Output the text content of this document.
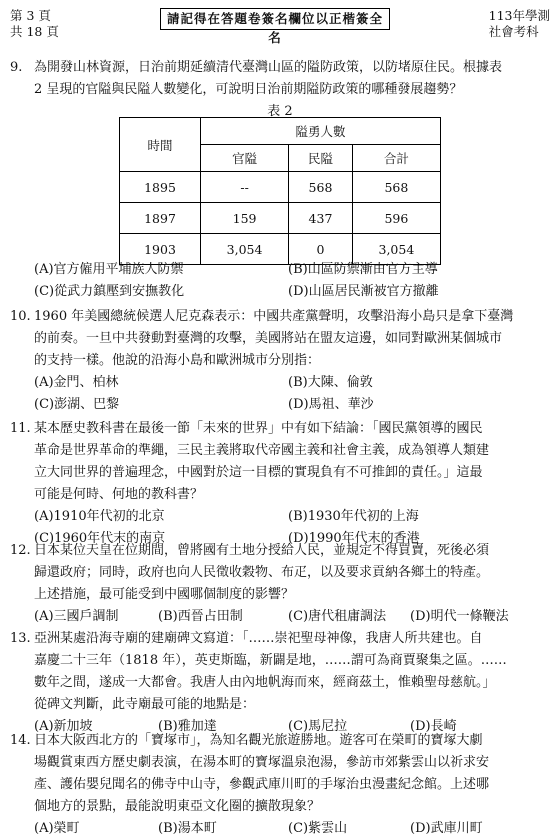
第 3 頁
共 18 頁
請記得在答題卷簽名欄位以正楷簽全名
113年學測
社會考科
9. 為開發山林資源，日治前期延續清代臺灣山區的隘防政策，以防堵原住民。根據表
2 呈現的官隘與民隘人數變化，可說明日治前期隘防政策的哪種發展趨勢？
表 2
時間	隘勇人數		
	官隘	民隘	合計
1895	--	568	568
1897	159	437	596
1903	3,054	0	3,054
(A)官方僱用平埔族人防禦	(B)山區防禦漸由官方主導
(C)從武力鎮壓到安撫教化	(D)山區居民漸被官方撤離
10. 1960 年美國總統候選人尼克森表示：中國共產黨聲明，攻擊沿海小島只是拿下臺灣
的前奏。一旦中共發動對臺灣的攻擊，美國將站在盟友這邊，如同對歐洲某個城市
的支持一樣。他說的沿海小島和歐洲城市分別指：
(A)金門、柏林	(B)大陳、倫敦
(C)澎湖、巴黎	(D)馬祖、華沙
11. 某本歷史教科書在最後一節「未來的世界」中有如下結論：「國民黨領導的國民
革命是世界革命的準繩，三民主義將取代帝國主義和社會主義，成為領導人類建
立大同世界的普遍理念，中國對於這一目標的實現負有不可推卸的責任。」這最
可能是何時、何地的教科書？
(A)1910年代初的北京	(B)1930年代初的上海
(C)1960年代末的南京	(D)1990年代末的香港
12. 日本某位天皇在位期間，曾將國有土地分授給人民，並規定不得買賣，死後必須
歸還政府；同時，政府也向人民徵收穀物、布疋，以及要求貢納各鄉土的特產。
上述措施，最可能受到中國哪個制度的影響？
(A)三國戶調制	(B)西晉占田制	(C)唐代租庸調法 (D)明代一條鞭法
13. 亞洲某處沿海寺廟的建廟碑文寫道：「……崇祀聖母神像，我唐人所共建也。自
嘉慶二十三年（1818 年），英吏斯臨，新闢是地，……謂可為商賈聚集之區。……
數年之間，遂成一大都會。我唐人由內地帆海而來，經商茲土，惟賴聖母慈航。」
從碑文判斷，此寺廟最可能的地點是：
(A)新加坡	(B)雅加達	(C)馬尼拉	(D)長崎
14. 日本大阪西北方的「寶塚市」，為知名觀光旅遊勝地。遊客可在榮町的寶塚大劇
場觀賞東西方歷史劇表演，在湯本町的寶塚溫泉泡湯，參訪市郊紫雲山以祈求安
產、護佑嬰兒聞名的佛寺中山寺，參觀武庫川町的手塚治虫漫畫紀念館。上述哪
個地方的景點，最能說明東亞文化圈的擴散現象？
(A)榮町	(B)湯本町	(C)紫雲山	(D)武庫川町
